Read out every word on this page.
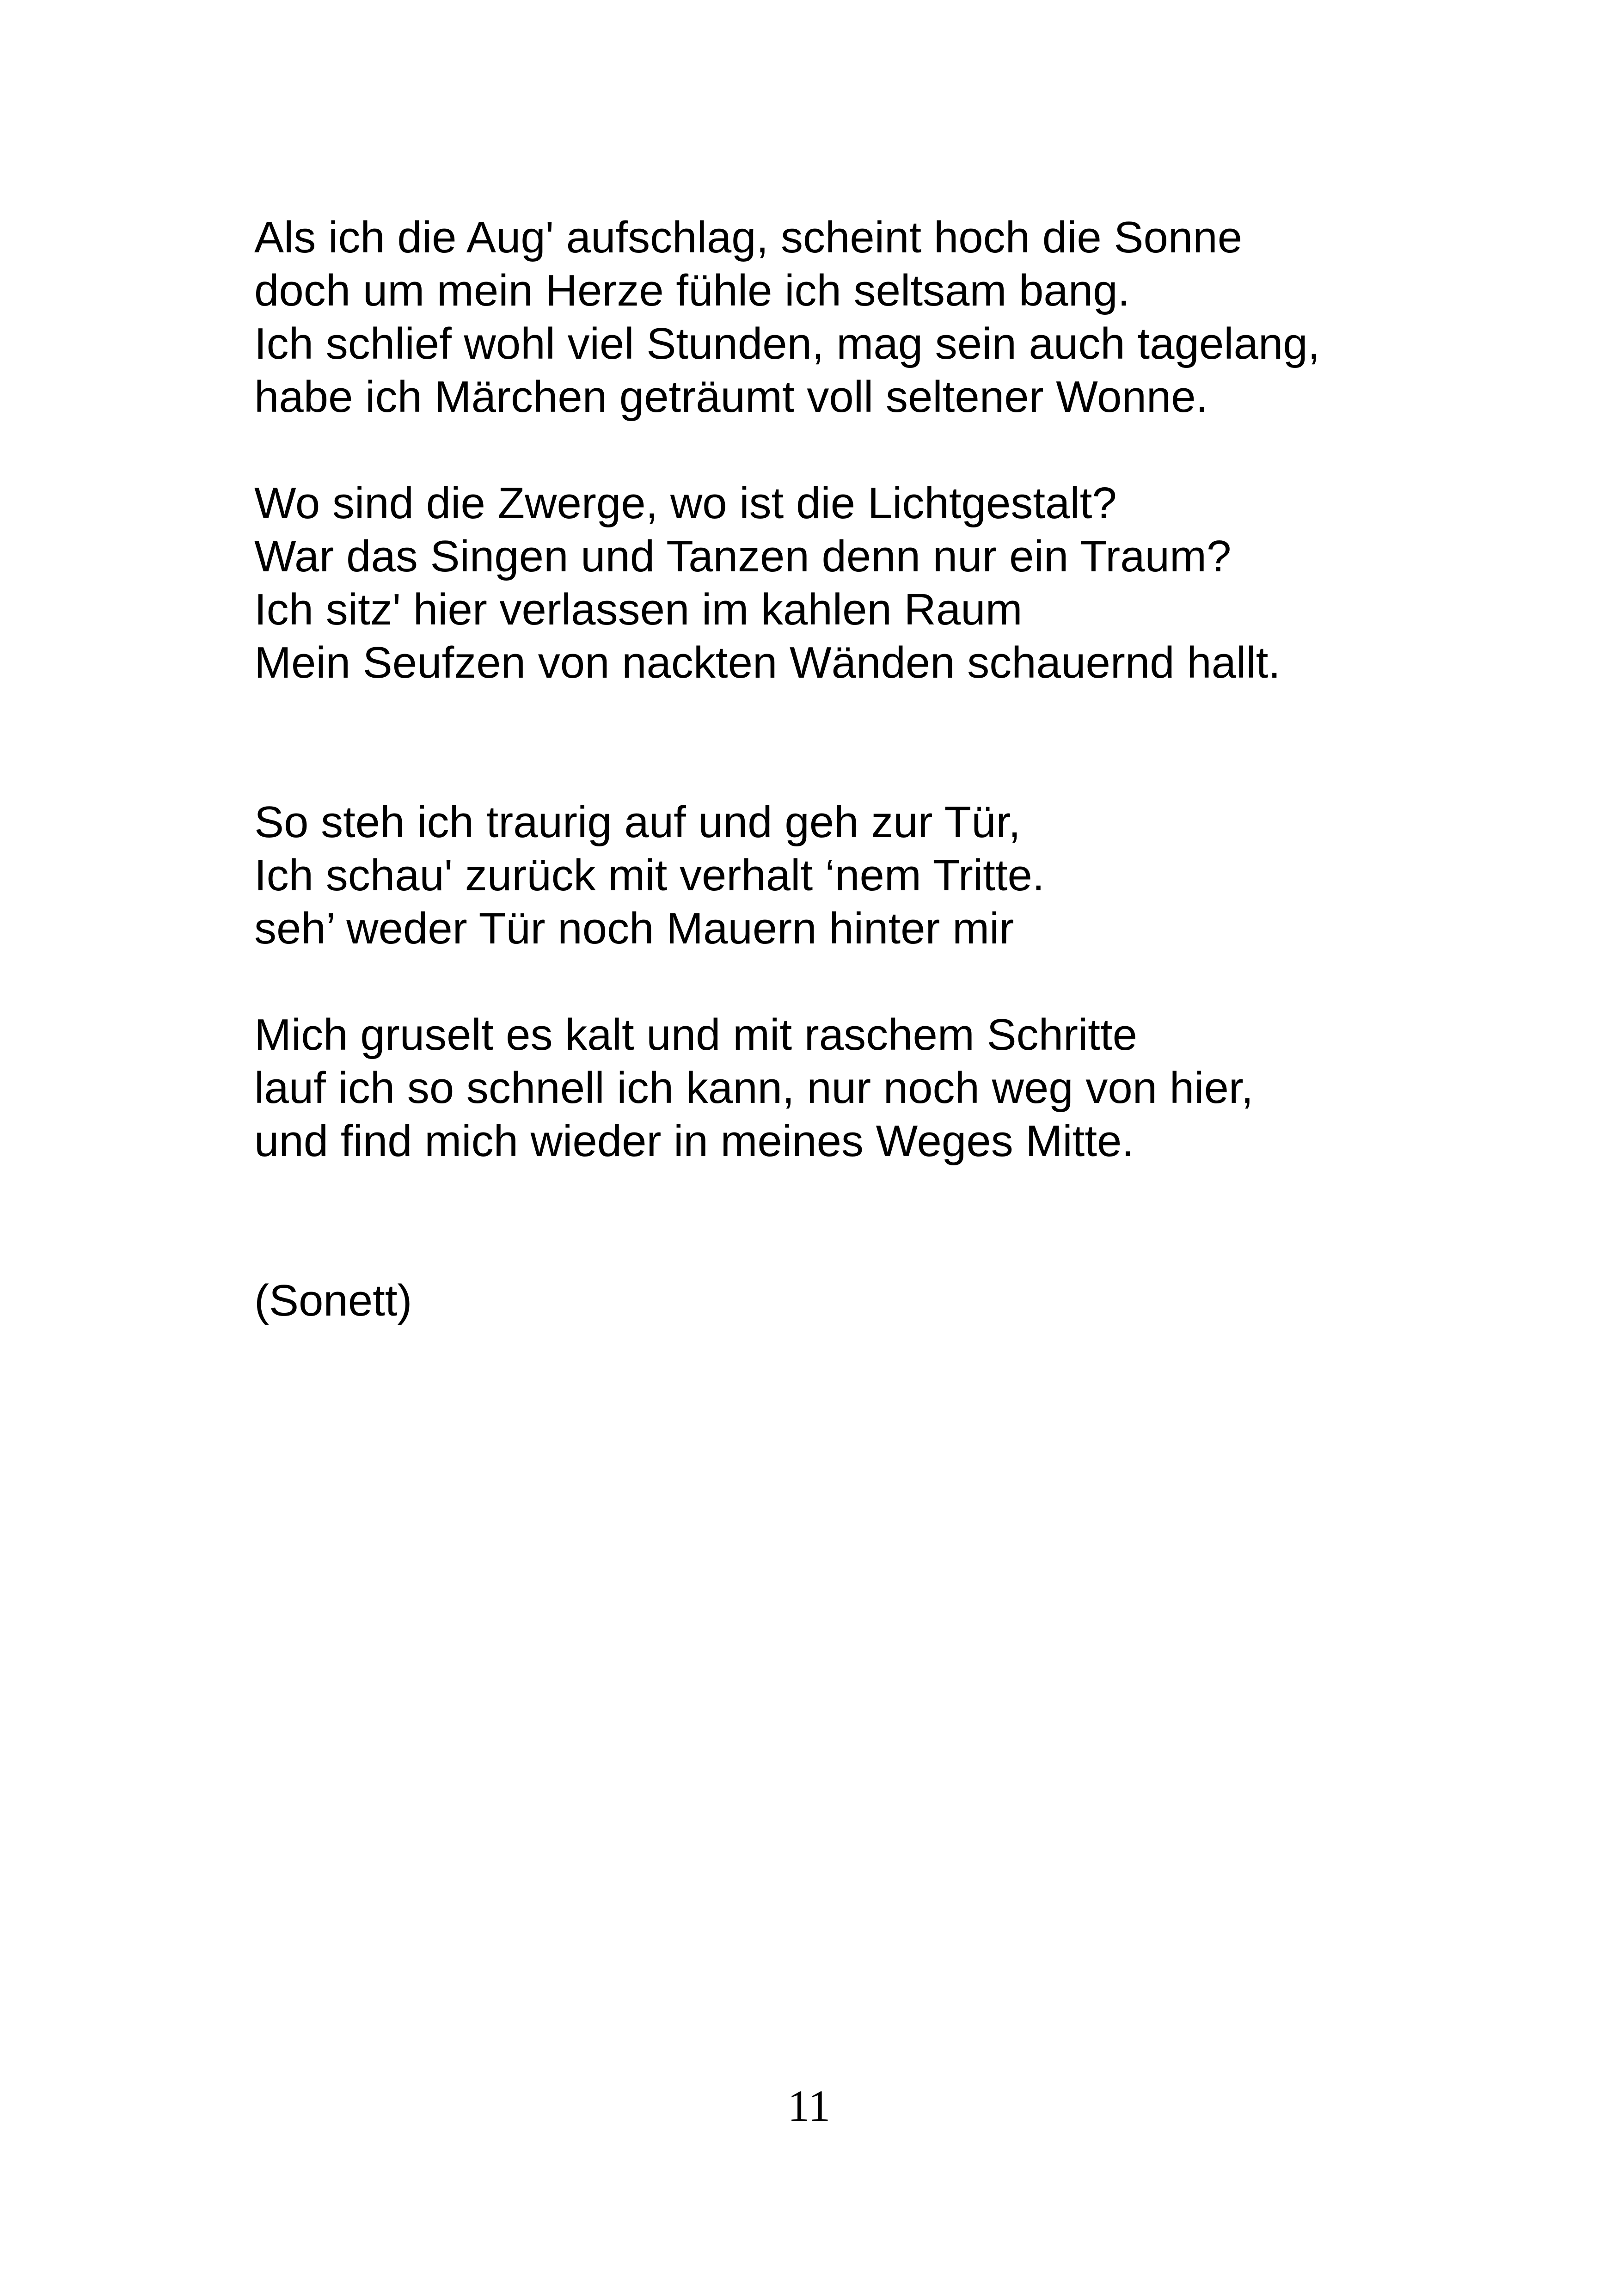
Als ich die Aug' aufschlag, scheint hoch die Sonne
doch um mein Herze fühle ich seltsam bang.
Ich schlief wohl viel Stunden, mag sein auch tagelang,
habe ich Märchen geträumt voll seltener Wonne.
Wo sind die Zwerge, wo ist die Lichtgestalt?
War das Singen und Tanzen denn nur ein Traum?
Ich sitz' hier verlassen im kahlen Raum
Mein Seufzen von nackten Wänden schauernd hallt.
So steh ich traurig auf und geh zur Tür,
Ich schau' zurück mit verhalt ‘nem Tritte.
seh’ weder Tür noch Mauern hinter mir
Mich gruselt es kalt und mit raschem Schritte
lauf ich so schnell ich kann, nur noch weg von hier,
und find mich wieder in meines Weges Mitte.
(Sonett)
11
